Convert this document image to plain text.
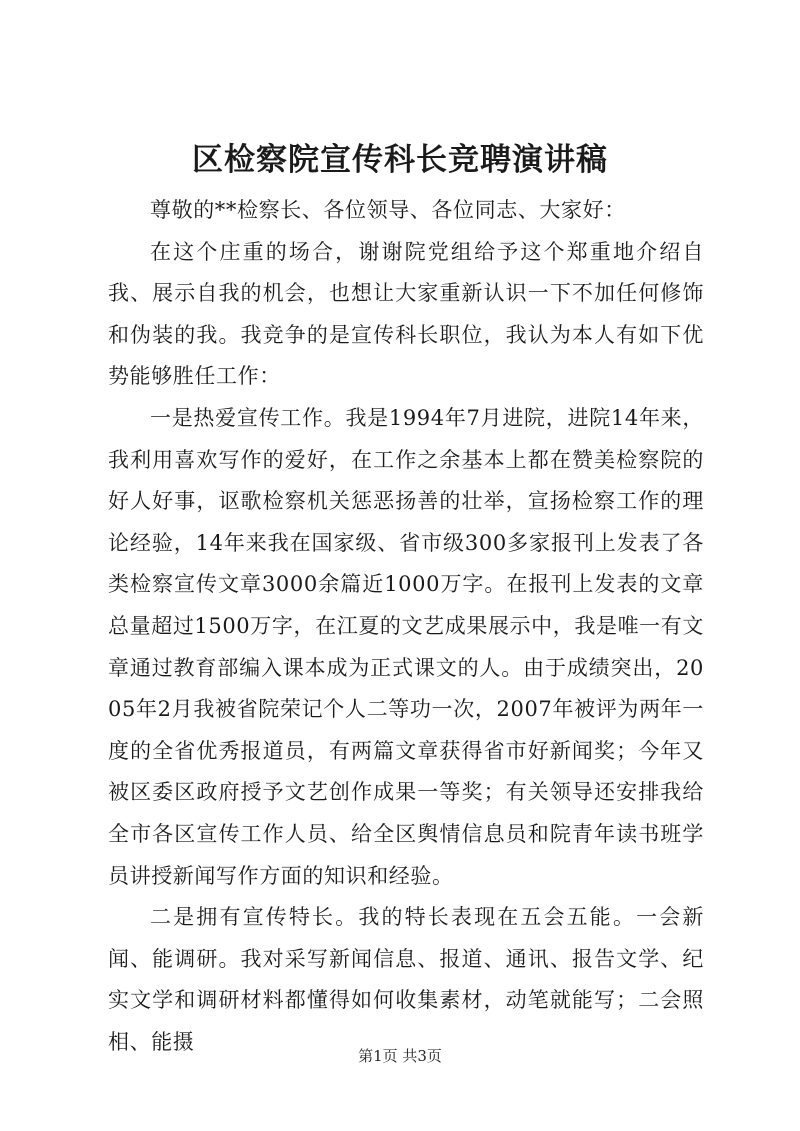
区检察院宣传科长竞聘演讲稿

尊敬的**检察长、各位领导、各位同志、大家好：

在这个庄重的场合，谢谢院党组给予这个郑重地介绍自我、展示自我的机会，也想让大家重新认识一下不加任何修饰和伪装的我。我竞争的是宣传科长职位，我认为本人有如下优势能够胜任工作：

一是热爱宣传工作。我是1994年7月进院，进院14年来，我利用喜欢写作的爱好，在工作之余基本上都在赞美检察院的好人好事，讴歌检察机关惩恶扬善的壮举，宣扬检察工作的理论经验，14年来我在国家级、省市级300多家报刊上发表了各类检察宣传文章3000余篇近1000万字。在报刊上发表的文章总量超过1500万字，在江夏的文艺成果展示中，我是唯一有文章通过教育部编入课本成为正式课文的人。由于成绩突出，2005年2月我被省院荣记个人二等功一次，2007年被评为两年一度的全省优秀报道员，有两篇文章获得省市好新闻奖；今年又被区委区政府授予文艺创作成果一等奖；有关领导还安排我给全市各区宣传工作人员、给全区舆情信息员和院青年读书班学员讲授新闻写作方面的知识和经验。

二是拥有宣传特长。我的特长表现在五会五能。一会新闻、能调研。我对采写新闻信息、报道、通讯、报告文学、纪实文学和调研材料都懂得如何收集素材，动笔就能写；二会照相、能摄

第1页 共3页
